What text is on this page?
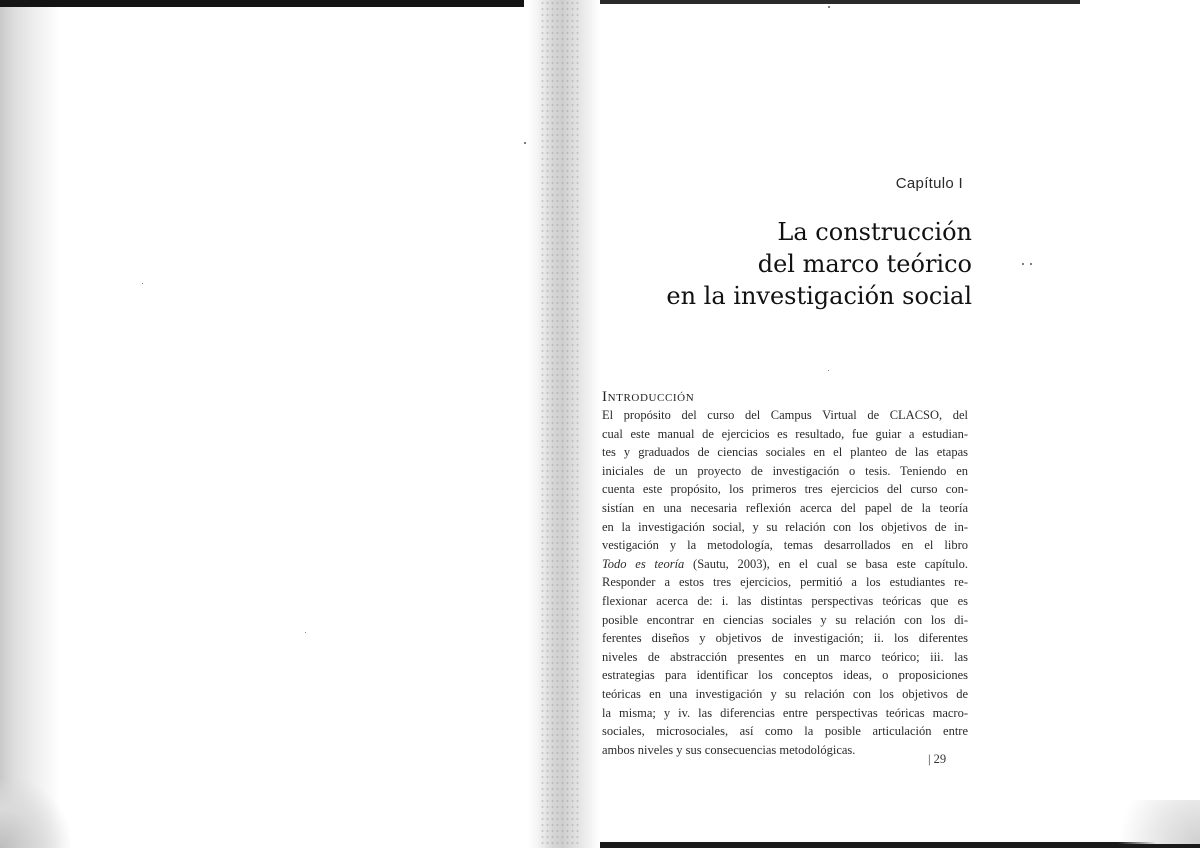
Capítulo I
La construcción
del marco teórico
en la investigación social
Introducción
El propósito del curso del Campus Virtual de CLACSO, del
cual este manual de ejercicios es resultado, fue guiar a estudian-
tes y graduados de ciencias sociales en el planteo de las etapas
iniciales de un proyecto de investigación o tesis. Teniendo en
cuenta este propósito, los primeros tres ejercicios del curso con-
sistían en una necesaria reflexión acerca del papel de la teoría
en la investigación social, y su relación con los objetivos de in-
vestigación y la metodología, temas desarrollados en el libro
Todo es teoría (Sautu, 2003), en el cual se basa este capítulo.
Responder a estos tres ejercicios, permitió a los estudiantes re-
flexionar acerca de: i. las distintas perspectivas teóricas que es
posible encontrar en ciencias sociales y su relación con los di-
ferentes diseños y objetivos de investigación; ii. los diferentes
niveles de abstracción presentes en un marco teórico; iii. las
estrategias para identificar los conceptos ideas, o proposiciones
teóricas en una investigación y su relación con los objetivos de
la misma; y iv. las diferencias entre perspectivas teóricas macro-
sociales, microsociales, así como la posible articulación entre
ambos niveles y sus consecuencias metodológicas.
| 29
